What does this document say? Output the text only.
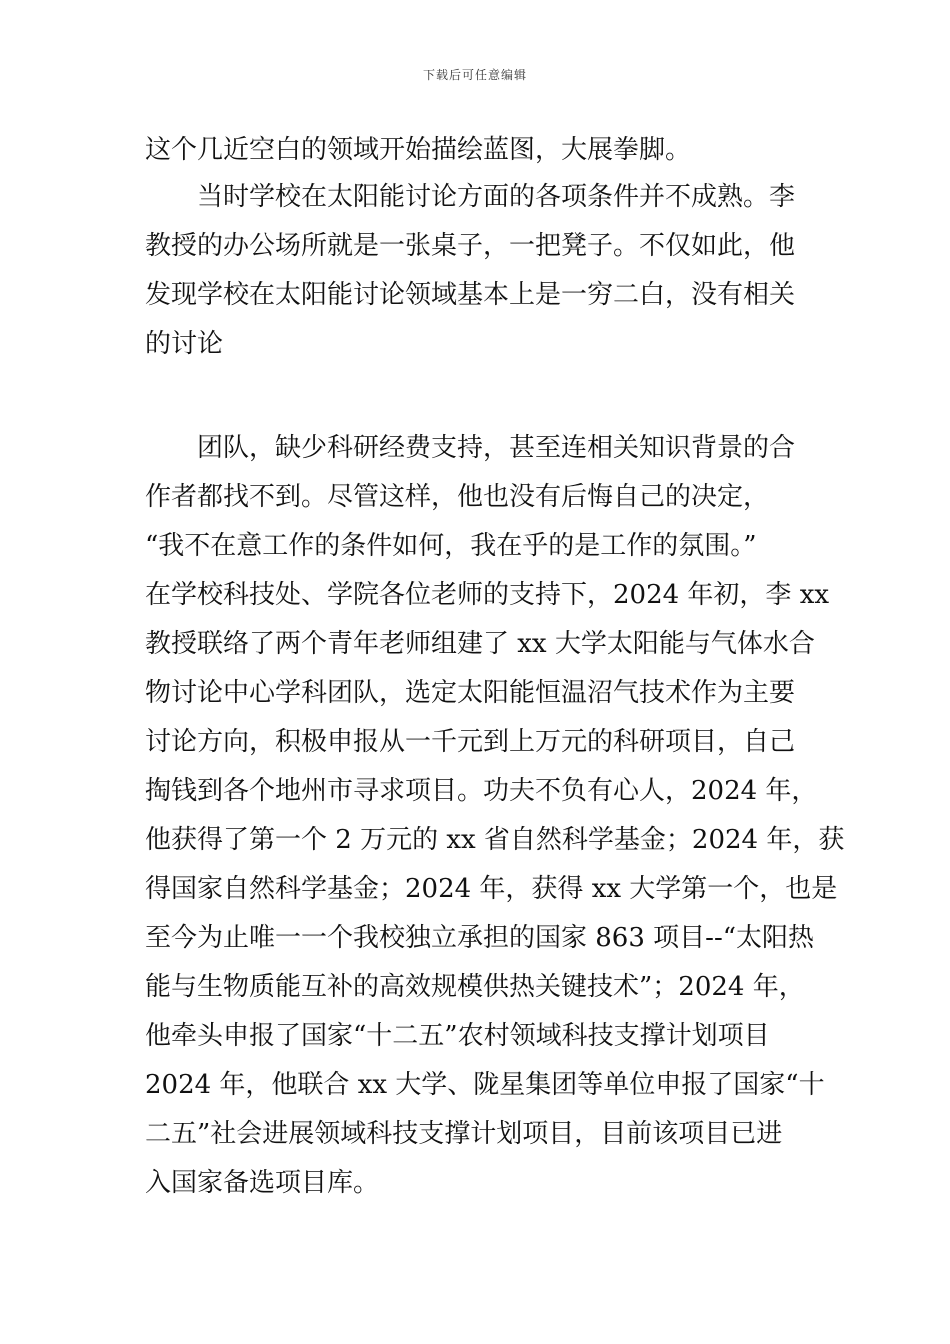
下载后可任意编辑
这个几近空白的领域开始描绘蓝图，大展拳脚。
　　当时学校在太阳能讨论方面的各项条件并不成熟。李
教授的办公场所就是一张桌子，一把凳子。不仅如此，他
发现学校在太阳能讨论领域基本上是一穷二白，没有相关
的讨论
　　团队，缺少科研经费支持，甚至连相关知识背景的合
作者都找不到。尽管这样，他也没有后悔自己的决定，
“我不在意工作的条件如何，我在乎的是工作的氛围。”
在学校科技处、学院各位老师的支持下，2024 年初，李 xx
教授联络了两个青年老师组建了 xx 大学太阳能与气体水合
物讨论中心学科团队，选定太阳能恒温沼气技术作为主要
讨论方向，积极申报从一千元到上万元的科研项目，自己
掏钱到各个地州市寻求项目。功夫不负有心人，2024 年，
他获得了第一个 2 万元的 xx 省自然科学基金；2024 年，获
得国家自然科学基金；2024 年，获得 xx 大学第一个，也是
至今为止唯一一个我校独立承担的国家 863 项目--“太阳热
能与生物质能互补的高效规模供热关键技术”；2024 年，
他牵头申报了国家“十二五”农村领域科技支撑计划项目
2024 年，他联合 xx 大学、陇星集团等单位申报了国家“十
二五”社会进展领域科技支撑计划项目，目前该项目已进
入国家备选项目库。
